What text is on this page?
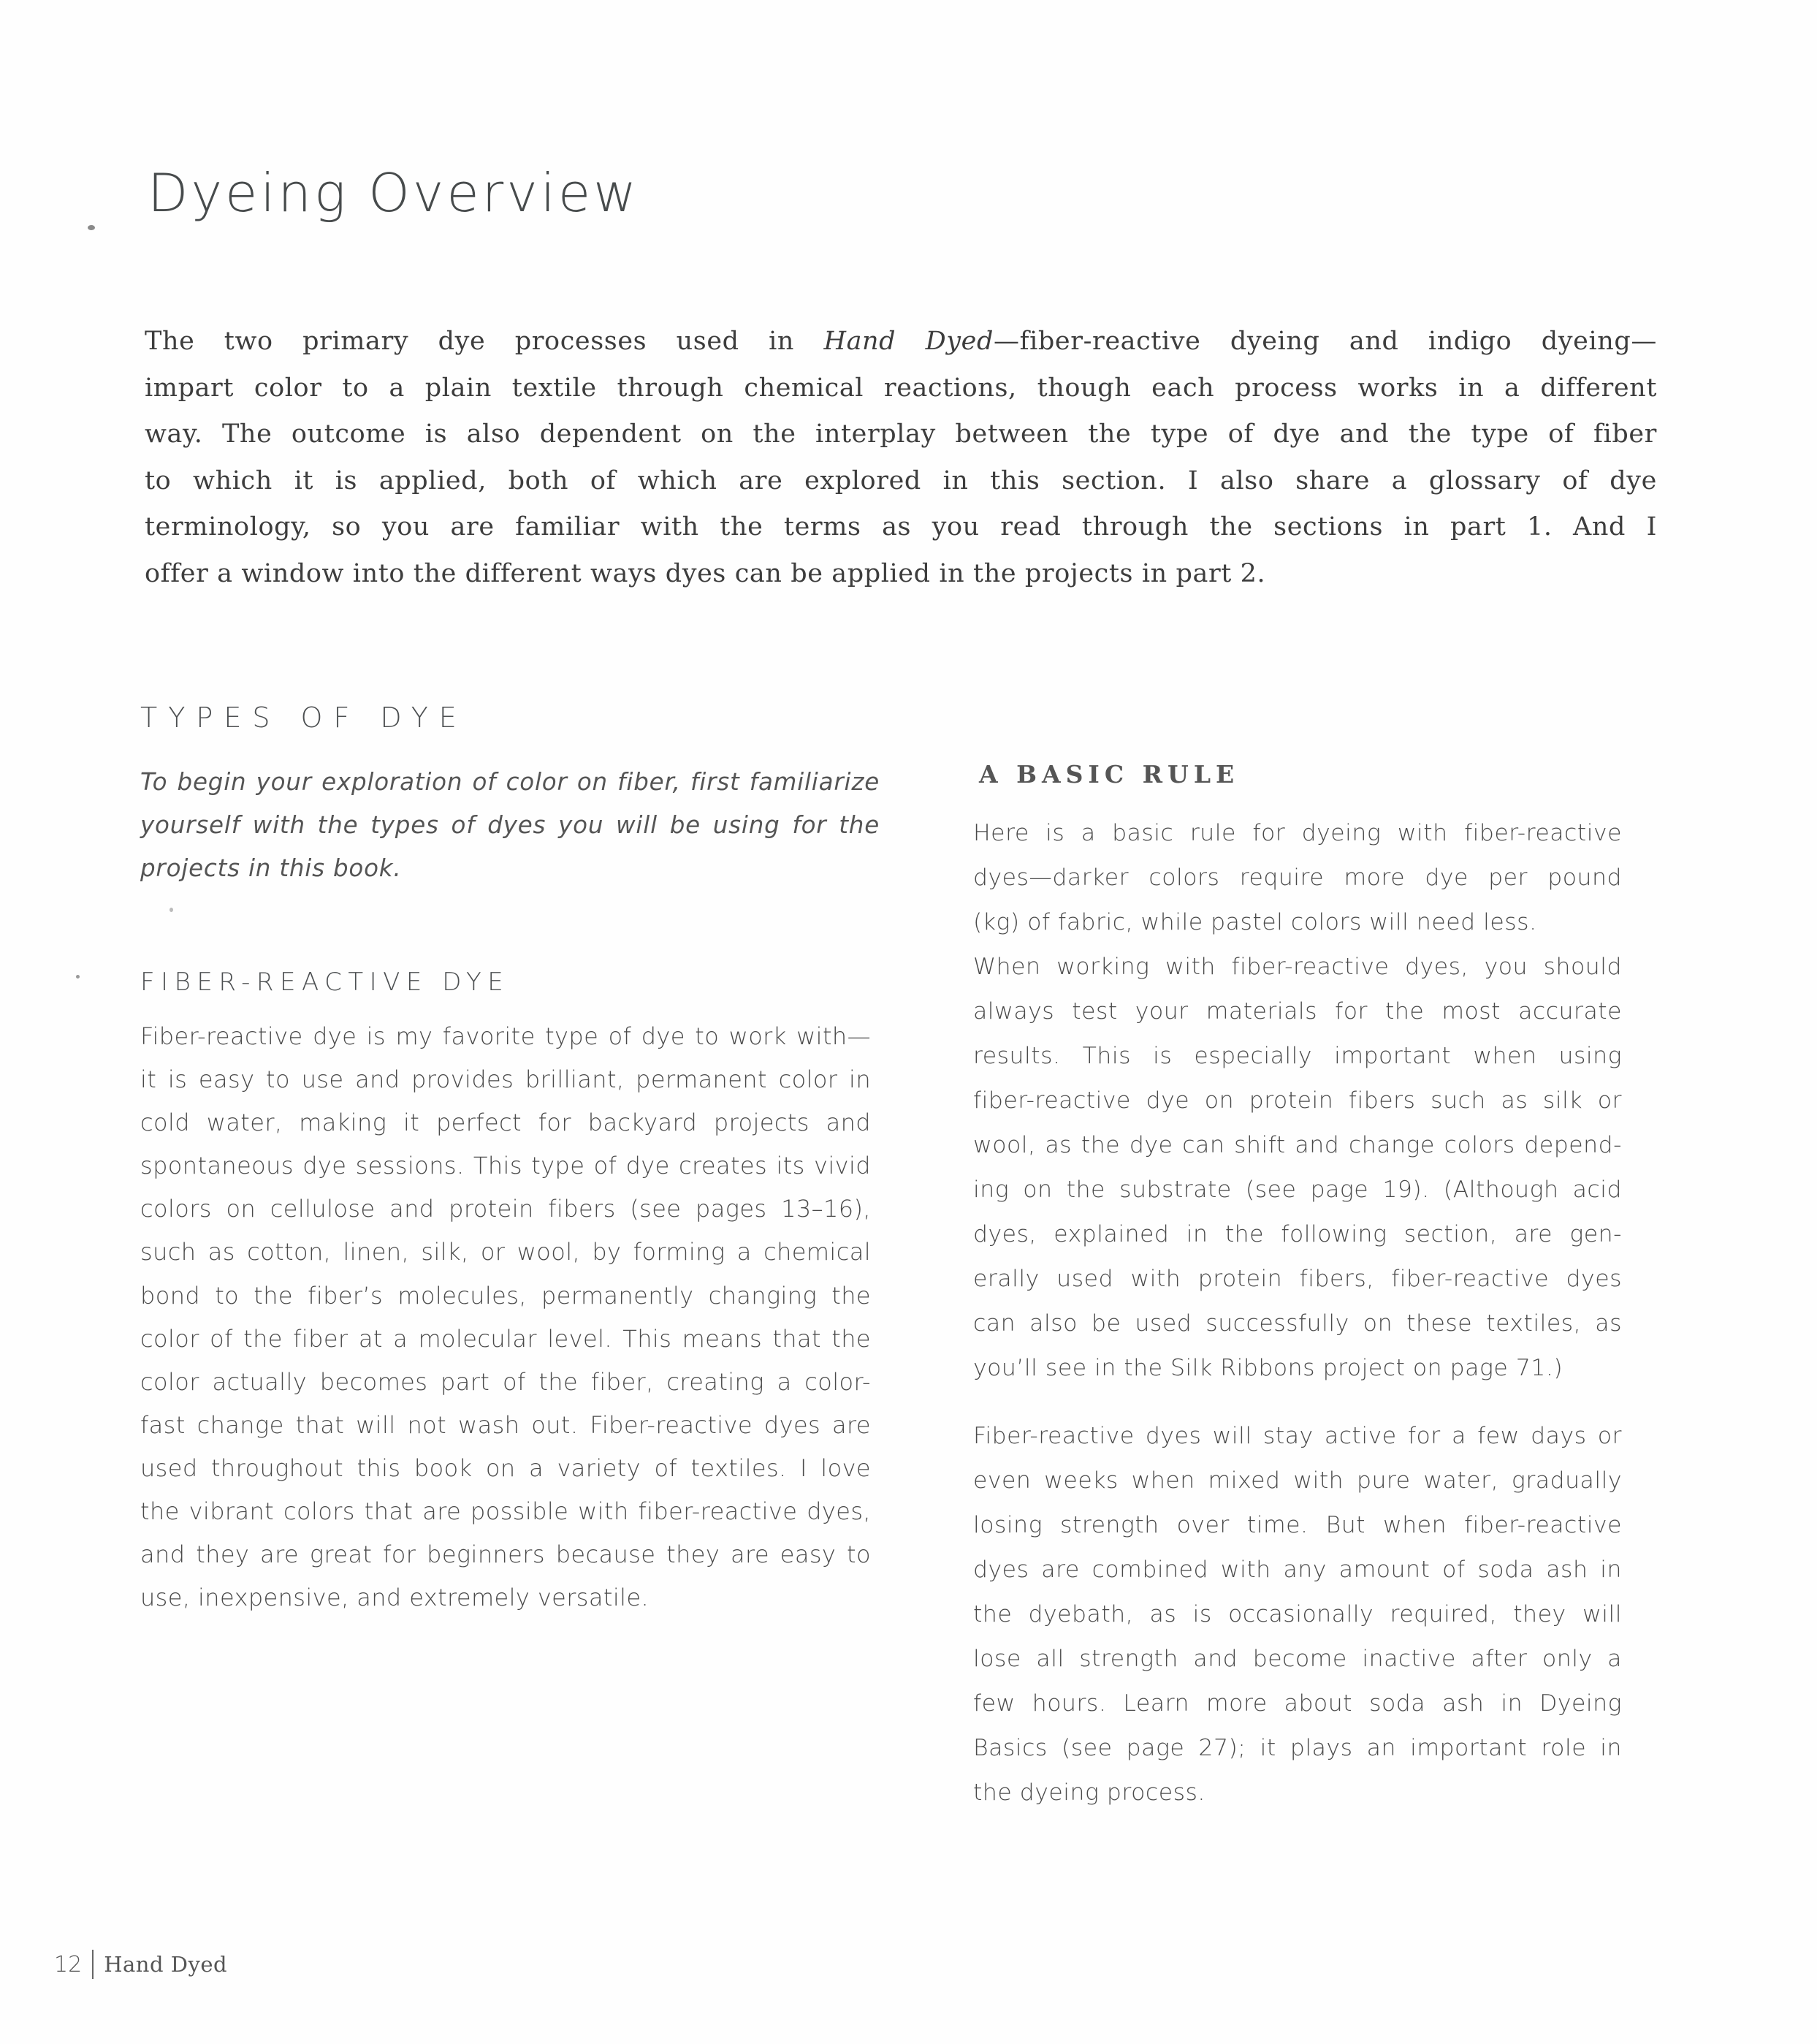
Dyeing Overview
The two primary dye processes used in Hand Dyed—fiber-reactive dyeing and indigo dyeing—
impart color to a plain textile through chemical reactions, though each process works in a different
way. The outcome is also dependent on the interplay between the type of dye and the type of fiber
to which it is applied, both of which are explored in this section. I also share a glossary of dye
terminology, so you are familiar with the terms as you read through the sections in part 1. And I
offer a window into the different ways dyes can be applied in the projects in part 2.
TYPES OF DYE
To begin your exploration of color on fiber, first familiarize
yourself with the types of dyes you will be using for the
projects in this book.
FIBER-REACTIVE DYE
Fiber-reactive dye is my favorite type of dye to work with—
it is easy to use and provides brilliant, permanent color in
cold water, making it perfect for backyard projects and
spontaneous dye sessions. This type of dye creates its vivid
colors on cellulose and protein fibers (see pages 13–16),
such as cotton, linen, silk, or wool, by forming a chemical
bond to the fiber’s molecules, permanently changing the
color of the fiber at a molecular level. This means that the
color actually becomes part of the fiber, creating a color-
fast change that will not wash out. Fiber-reactive dyes are
used throughout this book on a variety of textiles. I love
the vibrant colors that are possible with fiber-reactive dyes,
and they are great for beginners because they are easy to
use, inexpensive, and extremely versatile.
A BASIC RULE
Here is a basic rule for dyeing with fiber-reactive
dyes—darker colors require more dye per pound
(kg) of fabric, while pastel colors will need less.
When working with fiber-reactive dyes, you should
always test your materials for the most accurate
results. This is especially important when using
fiber-reactive dye on protein fibers such as silk or
wool, as the dye can shift and change colors depend-
ing on the substrate (see page 19). (Although acid
dyes, explained in the following section, are gen-
erally used with protein fibers, fiber-reactive dyes
can also be used successfully on these textiles, as
you’ll see in the Silk Ribbons project on page 71.)
Fiber-reactive dyes will stay active for a few days or
even weeks when mixed with pure water, gradually
losing strength over time. But when fiber-reactive
dyes are combined with any amount of soda ash in
the dyebath, as is occasionally required, they will
lose all strength and become inactive after only a
few hours. Learn more about soda ash in Dyeing
Basics (see page 27); it plays an important role in
the dyeing process.
12 Hand Dyed
